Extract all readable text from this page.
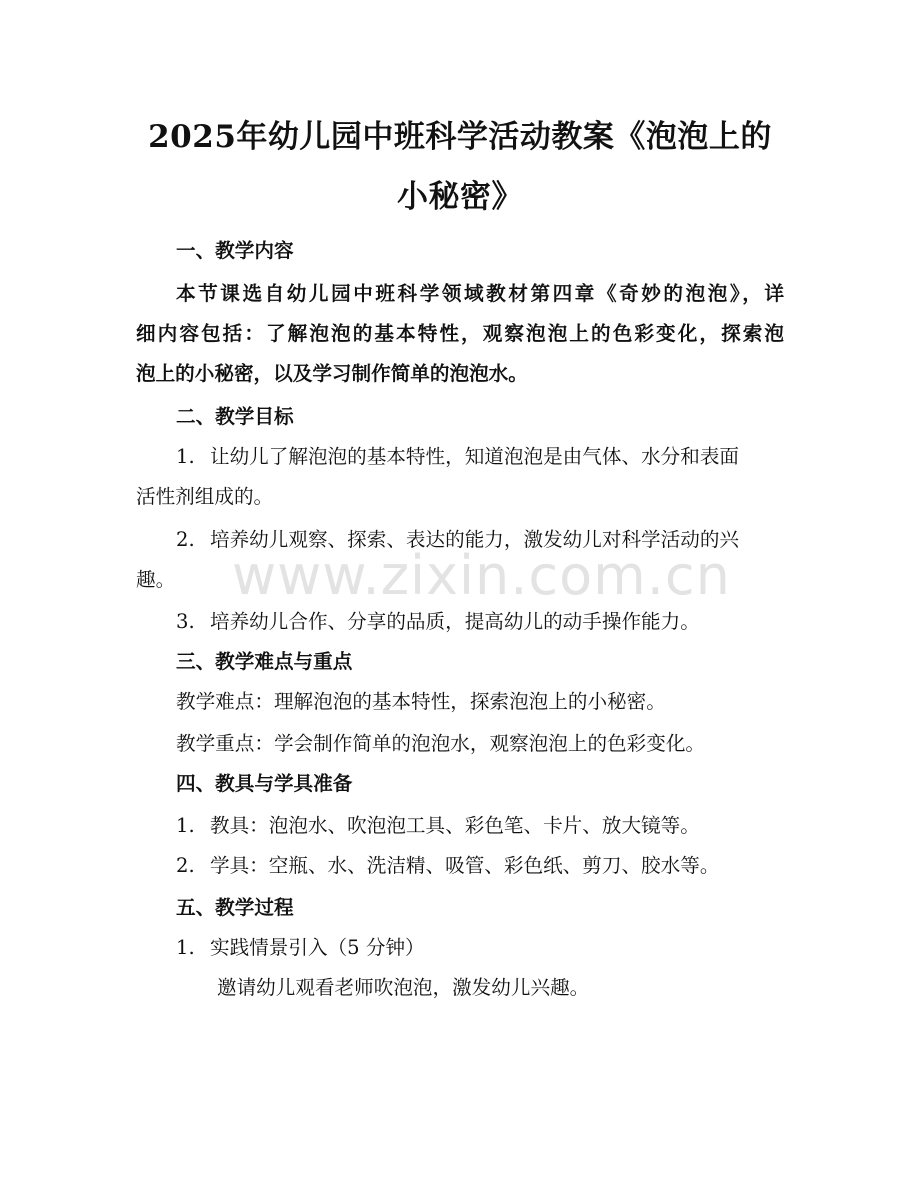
2025年幼儿园中班科学活动教案《泡泡上的
小秘密》
一、教学内容
本节课选自幼儿园中班科学领域教材第四章《奇妙的泡泡》，详
细内容包括：了解泡泡的基本特性，观察泡泡上的色彩变化，探索泡
泡上的小秘密，以及学习制作简单的泡泡水。
二、教学目标
1. 让幼儿了解泡泡的基本特性，知道泡泡是由气体、水分和表面
活性剂组成的。
2. 培养幼儿观察、探索、表达的能力，激发幼儿对科学活动的兴
趣。
3. 培养幼儿合作、分享的品质，提高幼儿的动手操作能力。
三、教学难点与重点
教学难点：理解泡泡的基本特性，探索泡泡上的小秘密。
教学重点：学会制作简单的泡泡水，观察泡泡上的色彩变化。
四、教具与学具准备
1. 教具：泡泡水、吹泡泡工具、彩色笔、卡片、放大镜等。
2. 学具：空瓶、水、洗洁精、吸管、彩色纸、剪刀、胶水等。
五、教学过程
1. 实践情景引入（5 分钟）
邀请幼儿观看老师吹泡泡，激发幼儿兴趣。
www.zixin.com.cn
